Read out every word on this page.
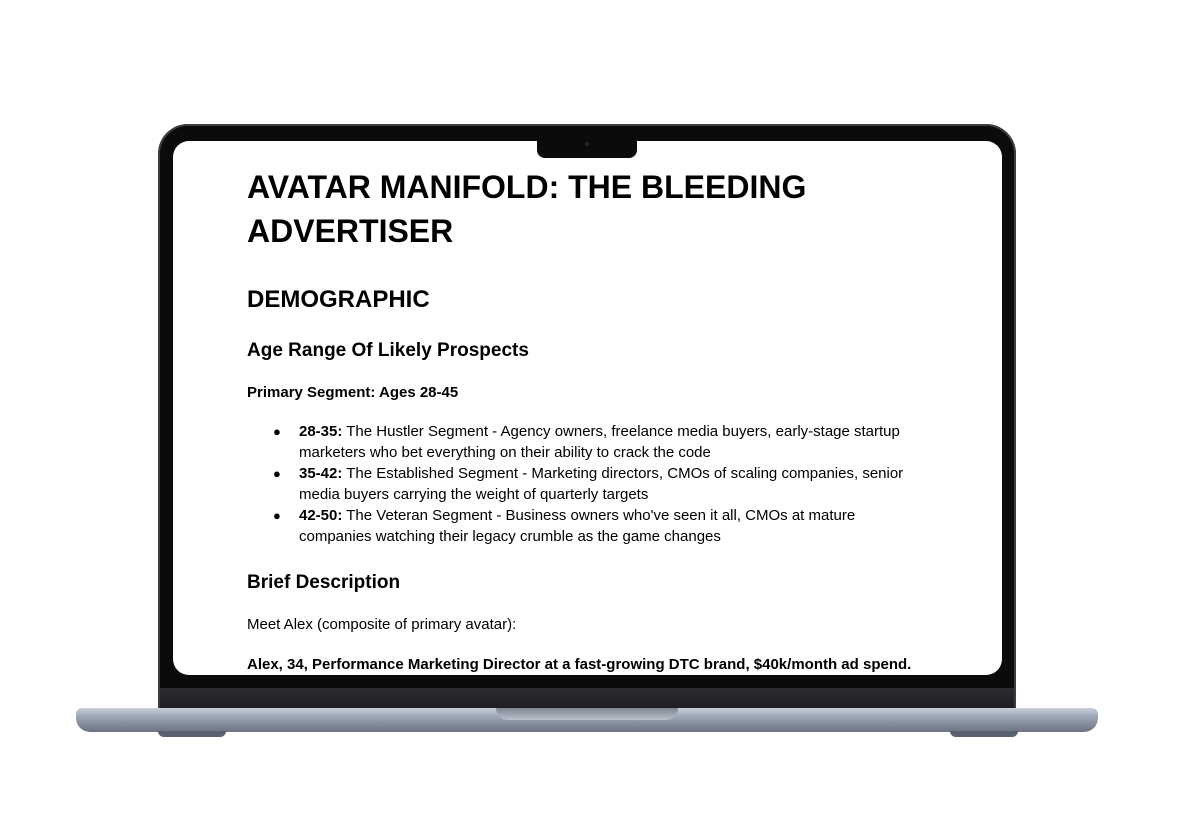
AVATAR MANIFOLD: THE BLEEDING
ADVERTISER
DEMOGRAPHIC
Age Range Of Likely Prospects

Primary Segment: Ages 28-45

● 28-35: The Hustler Segment - Agency owners, freelance media buyers, early-stage startup marketers who bet everything on their ability to crack the code
● 35-42: The Established Segment - Marketing directors, CMOs of scaling companies, senior media buyers carrying the weight of quarterly targets
● 42-50: The Veteran Segment - Business owners who've seen it all, CMOs at mature companies watching their legacy crumble as the game changes
Brief Description

Meet Alex (composite of primary avatar):

Alex, 34, Performance Marketing Director at a fast-growing DTC brand, $40k/month ad spend.
